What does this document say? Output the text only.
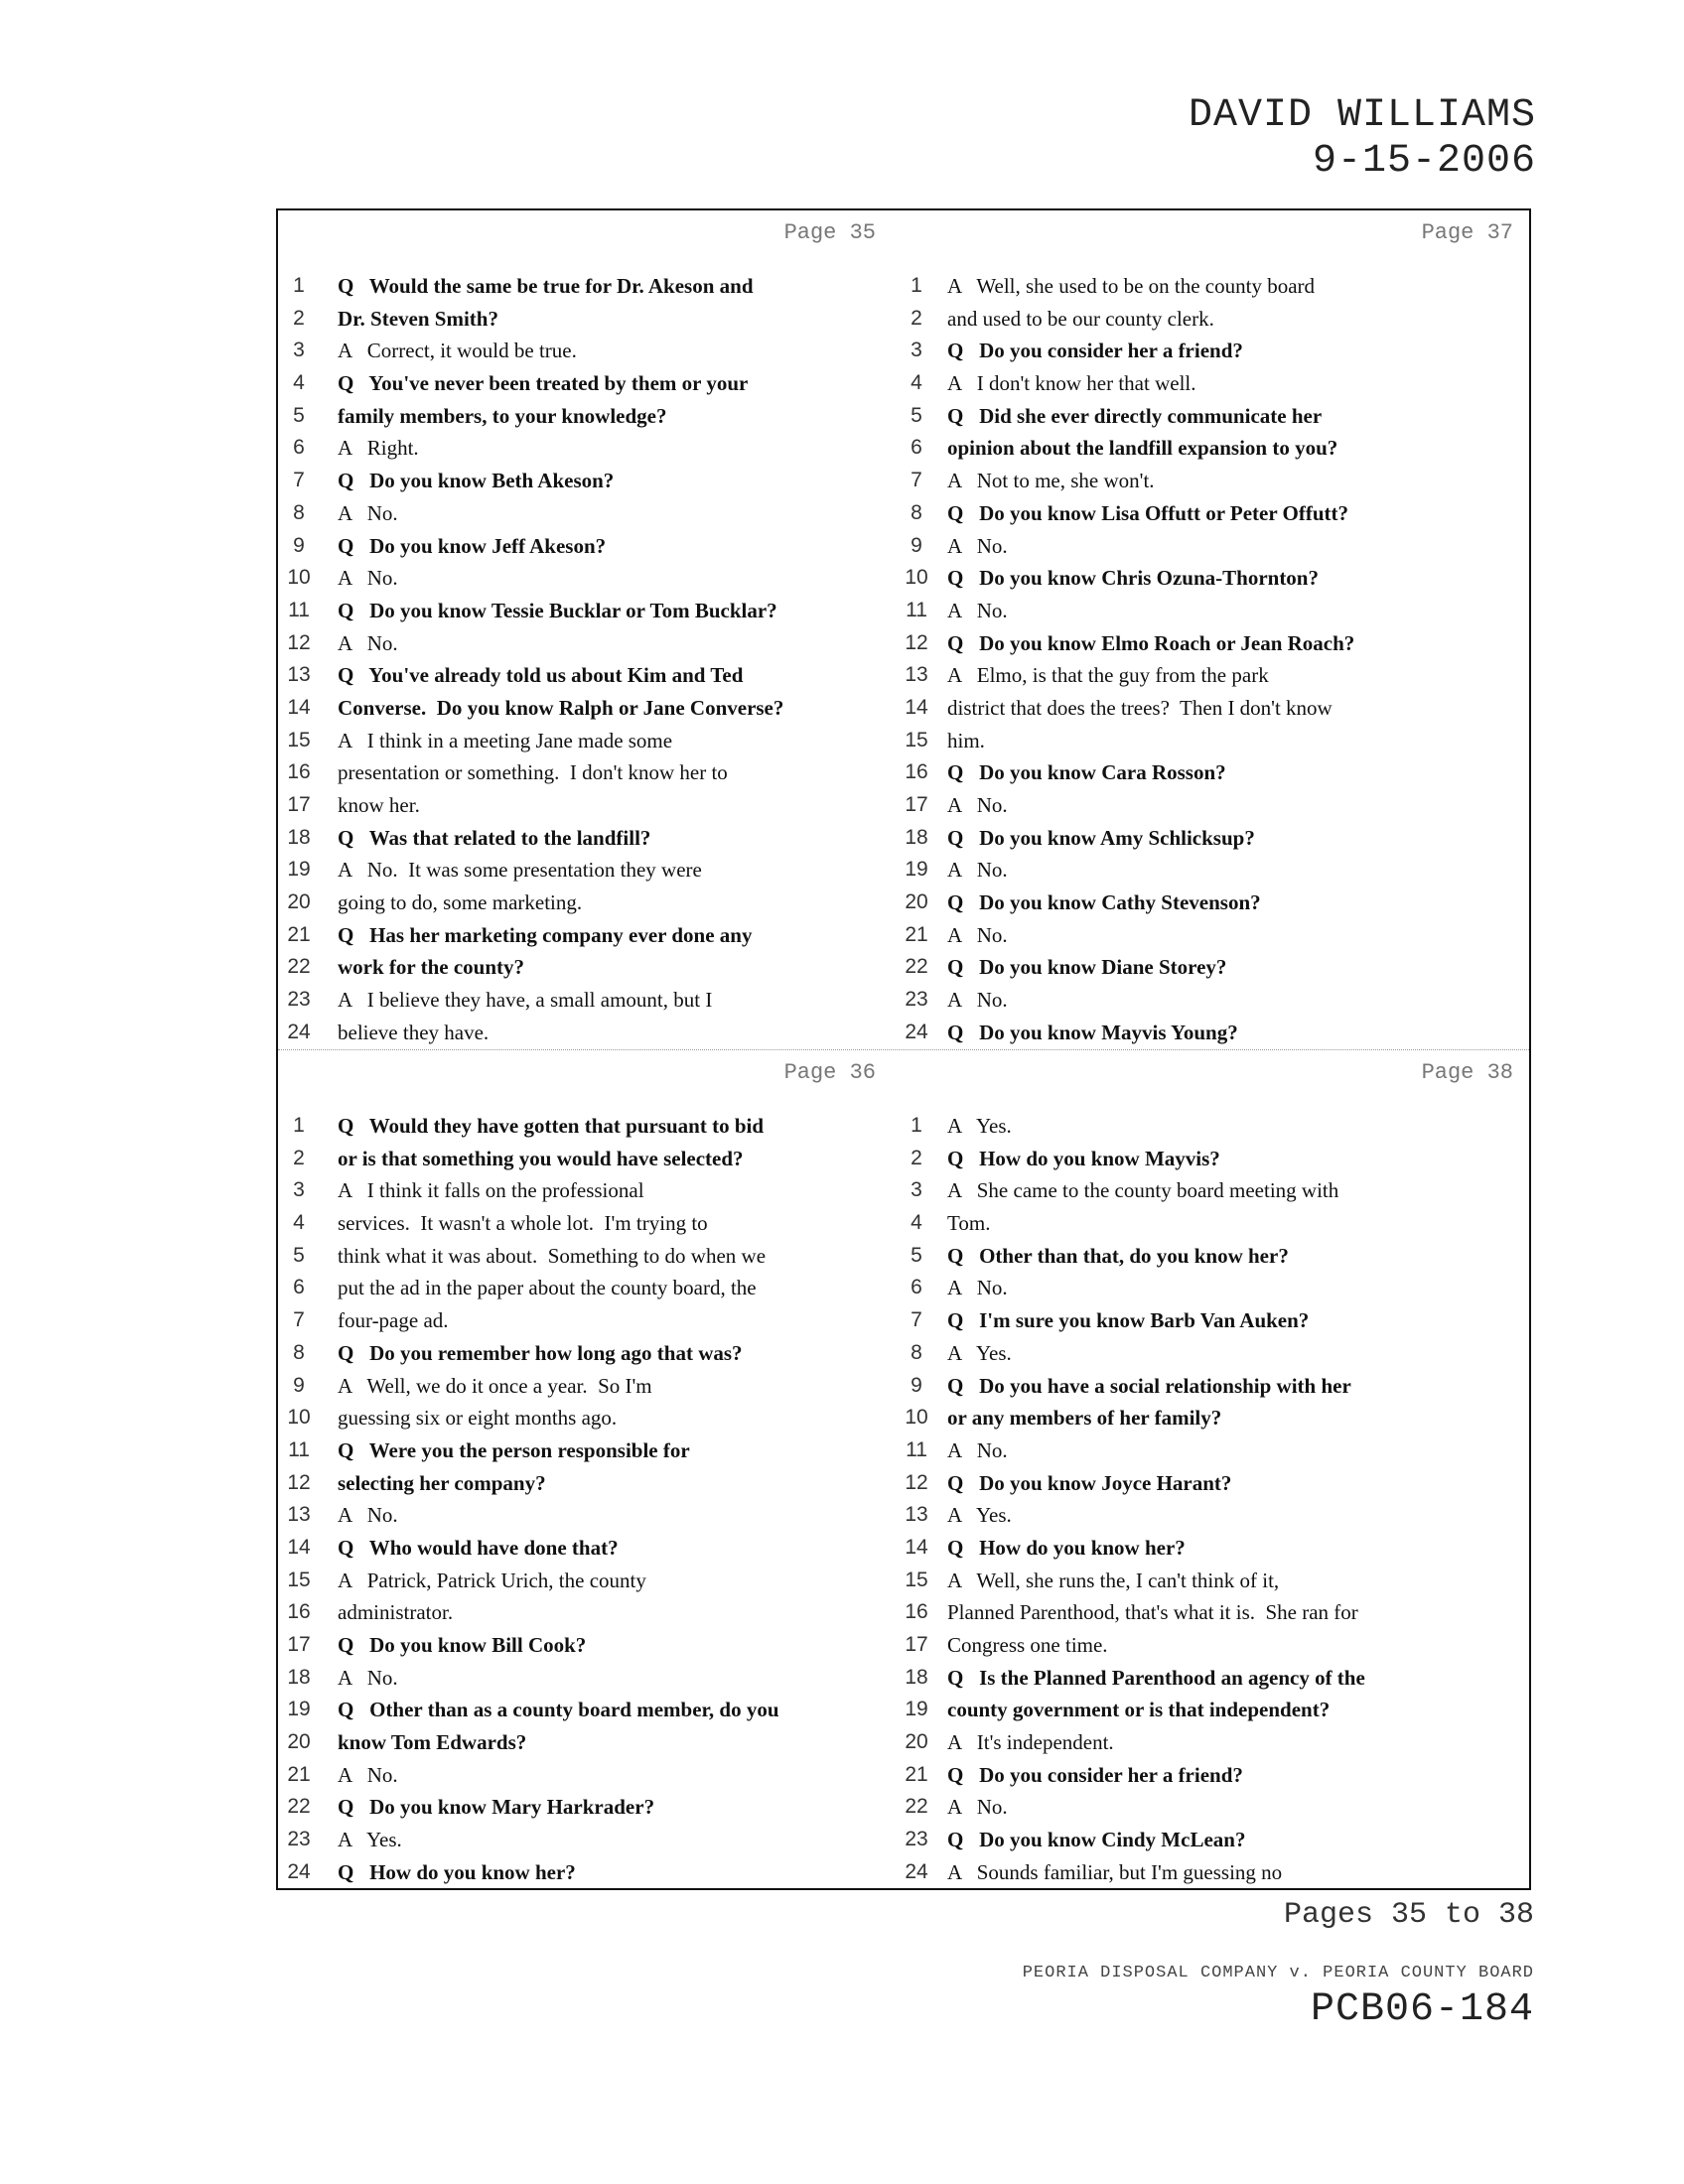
DAVID WILLIAMS
9-15-2006
Page 35
1	Q   Would the same be true for Dr. Akeson and
2	Dr. Steven Smith?
3	A   Correct, it would be true.
4	Q   You've never been treated by them or your
5	family members, to your knowledge?
6	A   Right.
7	Q   Do you know Beth Akeson?
8	A   No.
9	Q   Do you know Jeff Akeson?
10	A   No.
11	Q   Do you know Tessie Bucklar or Tom Bucklar?
12	A   No.
13	Q   You've already told us about Kim and Ted
14	Converse.  Do you know Ralph or Jane Converse?
15	A   I think in a meeting Jane made some
16	presentation or something.  I don't know her to
17	know her.
18	Q   Was that related to the landfill?
19	A   No.  It was some presentation they were
20	going to do, some marketing.
21	Q   Has her marketing company ever done any
22	work for the county?
23	A   I believe they have, a small amount, but I
24	believe they have.
Page 37
1	A   Well, she used to be on the county board
2	and used to be our county clerk.
3	Q   Do you consider her a friend?
4	A   I don't know her that well.
5	Q   Did she ever directly communicate her
6	opinion about the landfill expansion to you?
7	A   Not to me, she won't.
8	Q   Do you know Lisa Offutt or Peter Offutt?
9	A   No.
10 Q   Do you know Chris Ozuna-Thornton?
11 A   No.
12 Q   Do you know Elmo Roach or Jean Roach?
13 A   Elmo, is that the guy from the park
14 district that does the trees?  Then I don't know
15 him.
16 Q   Do you know Cara Rosson?
17 A   No.
18 Q   Do you know Amy Schlicksup?
19 A   No.
20 Q   Do you know Cathy Stevenson?
21 A   No.
22 Q   Do you know Diane Storey?
23 A   No.
24 Q   Do you know Mayvis Young?
Page 36
1	Q   Would they have gotten that pursuant to bid
2	or is that something you would have selected?
3	A   I think it falls on the professional
4	services.  It wasn't a whole lot.  I'm trying to
5	think what it was about.  Something to do when we
6	put the ad in the paper about the county board, the
7	four-page ad.
8	Q   Do you remember how long ago that was?
9	A   Well, we do it once a year.  So I'm
10	guessing six or eight months ago.
11	Q   Were you the person responsible for
12	selecting her company?
13	A   No.
14	Q   Who would have done that?
15	A   Patrick, Patrick Urich, the county
16	administrator.
17	Q   Do you know Bill Cook?
18	A   No.
19	Q   Other than as a county board member, do you
20	know Tom Edwards?
21	A   No.
22	Q   Do you know Mary Harkrader?
23	A   Yes.
24	Q   How do you know her?
Page 38
1	A   Yes.
2	Q   How do you know Mayvis?
3	A   She came to the county board meeting with
4	Tom.
5	Q   Other than that, do you know her?
6	A   No.
7	Q   I'm sure you know Barb Van Auken?
8	A   Yes.
9	Q   Do you have a social relationship with her
10 or any members of her family?
11 A   No.
12 Q   Do you know Joyce Harant?
13 A   Yes.
14 Q   How do you know her?
15 A   Well, she runs the, I can't think of it,
16 Planned Parenthood, that's what it is.  She ran for
17 Congress one time.
18 Q   Is the Planned Parenthood an agency of the
19 county government or is that independent?
20 A   It's independent.
21 Q   Do you consider her a friend?
22 A   No.
23 Q   Do you know Cindy McLean?
24 A   Sounds familiar, but I'm guessing no
Pages 35 to 38
PEORIA DISPOSAL COMPANY v. PEORIA COUNTY BOARD
PCB06-184
